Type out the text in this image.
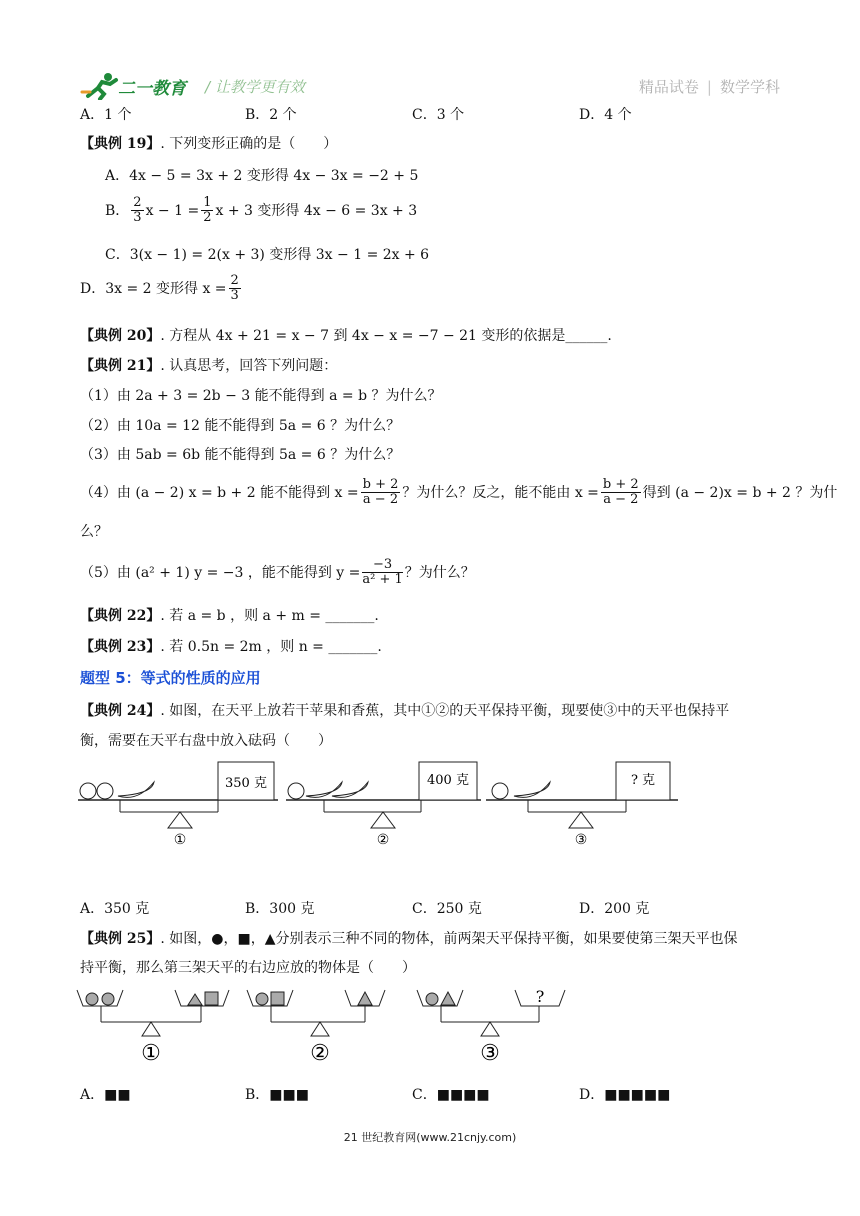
二一教育 / 让教学更有效	精品试卷 | 数学学科
A．1 个	B．2 个	C．3 个	D．4 个
【典例 19】. 下列变形正确的是（　　）
A．4x − 5 = 3x + 2 变形得 4x − 3x = −2 + 5
B． $\frac{2}{3}$ $x - 1 = \frac{1}{2}$ x + 3 变形得 4x − 6 = 3x + 3
C．3(x − 1) = 2(x + 3) 变形得 3x − 1 = 2x + 6
D．3x = 2 变形得 $x = \frac{2}{3}$
【典例 20】. 方程从 4x + 21 = x − 7 到 4x − x = −7 − 21 变形的依据是______.
【典例 21】. 认真思考，回答下列问题：
（1）由 2a + 3 = 2b − 3 能不能得到 a = b ？为什么？
（2）由 10a = 12 能不能得到 5a = 6 ？为什么？
（3）由 5ab = 6b 能不能得到 5a = 6 ？为什么？
（4）由 (a − 2) x = b + 2 能不能得到 $x = \frac{b + 2}{a - 2}$ ？为什么？反之，能不能由 $x = \frac{b + 2}{a - 2}$ 得到 (a − 2)x = b + 2 ？为什
么？
（5）由 (a² + 1) y = −3 ，能不能得到 $y = \frac{-3}{\text{a² + 1}}$ ？为什么？
【典例 22】. 若 a = b ，则 a + m = _______.
【典例 23】. 若 0.5n = 2m ，则 n = _______.
题型 5：等式的性质的应用
【典例 24】. 如图，在天平上放若干苹果和香蕉，其中①②的天平保持平衡，现要使③中的天平也保持平
衡，需要在天平右盘中放入砝码（　　）
350 克
①
400 克
②
? 克
③
A．350 克	B．300 克	C．250 克	D．200 克
【典例 25】. 如图，●，■，▲分别表示三种不同的物体，前两架天平保持平衡，如果要使第三架天平也保
持平衡，那么第三架天平的右边应放的物体是（　　）
①	②
?
③
A．■■	B．■■■	C．■■■■	D．■■■■■
21 世纪教育网(www.21cnjy.com)
